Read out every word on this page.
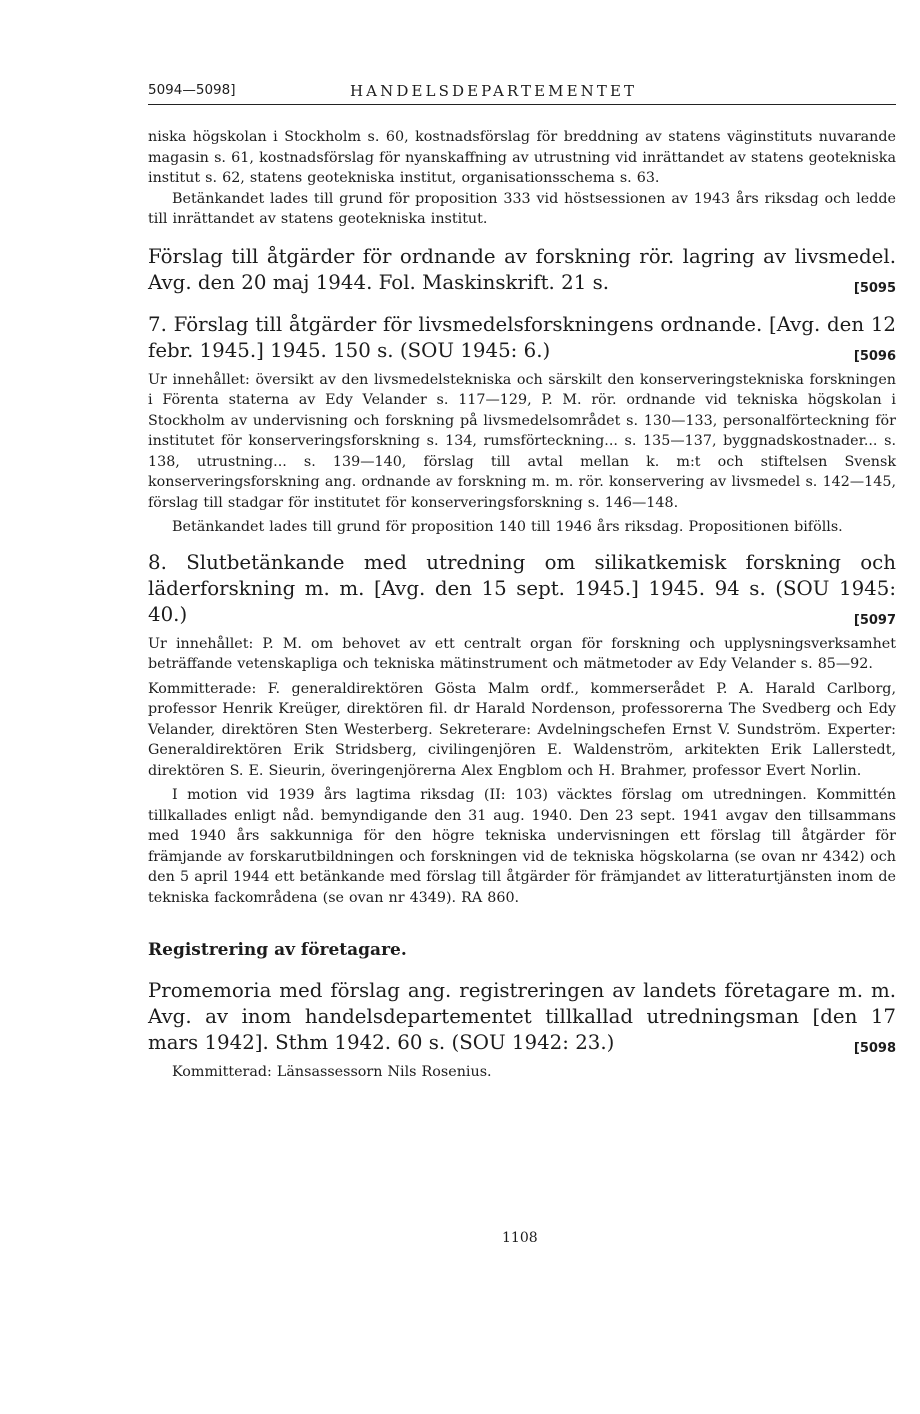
5094—5098]	HANDELSDEPARTEMENTET

niska högskolan i Stockholm s. 60, kostnadsförslag för breddning av statens väginstituts nuvarande magasin s. 61, kostnadsförslag för nyanskaffning av utrustning vid inrättandet av statens geotekniska institut s. 62, statens geotekniska institut, organisationsschema s. 63.

Betänkandet lades till grund för proposition 333 vid höstsessionen av 1943 års riksdag och ledde till inrättandet av statens geotekniska institut.

Förslag till åtgärder för ordnande av forskning rör. lagring av livsmedel. Avg. den 20 maj 1944. Fol. Maskinskrift. 21 s.	[5095
7. Förslag till åtgärder för livsmedelsforskningens ordnande. [Avg. den 12 febr. 1945.] 1945. 150 s. (SOU 1945: 6.)	[5096

Ur innehållet: översikt av den livsmedelstekniska och särskilt den konserveringstekniska forskningen i Förenta staterna av Edy Velander s. 117—129, P. M. rör. ordnande vid tekniska högskolan i Stockholm av undervisning och forskning på livsmedelsområdet s. 130—133, personalförteckning för institutet för konserveringsforskning s. 134, rumsförteckning... s. 135—137, byggnadskostnader... s. 138, utrustning... s. 139—140, förslag till avtal mellan k. m:t och stiftelsen Svensk konserveringsforskning ang. ordnande av forskning m. m. rör. konservering av livsmedel s. 142—145, förslag till stadgar för institutet för konserveringsforskning s. 146—148.

Betänkandet lades till grund för proposition 140 till 1946 års riksdag. Propositionen bifölls.

8. Slutbetänkande med utredning om silikatkemisk forskning och läderforskning m. m. [Avg. den 15 sept. 1945.] 1945. 94 s. (SOU 1945: 40.)	[5097

Ur innehållet: P. M. om behovet av ett centralt organ för forskning och upplysningsverksamhet beträffande vetenskapliga och tekniska mätinstrument och mätmetoder av Edy Velander s. 85—92.

Kommitterade: F. generaldirektören Gösta Malm ordf., kommerserådet P. A. Harald Carlborg, professor Henrik Kreüger, direktören fil. dr Harald Nordenson, professorerna The Svedberg och Edy Velander, direktören Sten Westerberg. Sekreterare: Avdelningschefen Ernst V. Sundström. Experter: Generaldirektören Erik Stridsberg, civilingenjören E. Waldenström, arkitekten Erik Lallerstedt, direktören S. E. Sieurin, överingenjörerna Alex Engblom och H. Brahmer, professor Evert Norlin.

I motion vid 1939 års lagtima riksdag (II: 103) väcktes förslag om utredningen. Kommittén tillkallades enligt nåd. bemyndigande den 31 aug. 1940. Den 23 sept. 1941 avgav den tillsammans med 1940 års sakkunniga för den högre tekniska undervisningen ett förslag till åtgärder för främjande av forskarutbildningen och forskningen vid de tekniska högskolarna (se ovan nr 4342) och den 5 april 1944 ett betänkande med förslag till åtgärder för främjandet av litteraturtjänsten inom de tekniska fackområdena (se ovan nr 4349). RA 860.

Registrering av företagare.
Promemoria med förslag ang. registreringen av landets företagare m. m. Avg. av inom handelsdepartementet tillkallad utredningsman [den 17 mars 1942]. Sthm 1942. 60 s. (SOU 1942: 23.)	[5098

Kommitterad: Länsassessorn Nils Rosenius.

1108
